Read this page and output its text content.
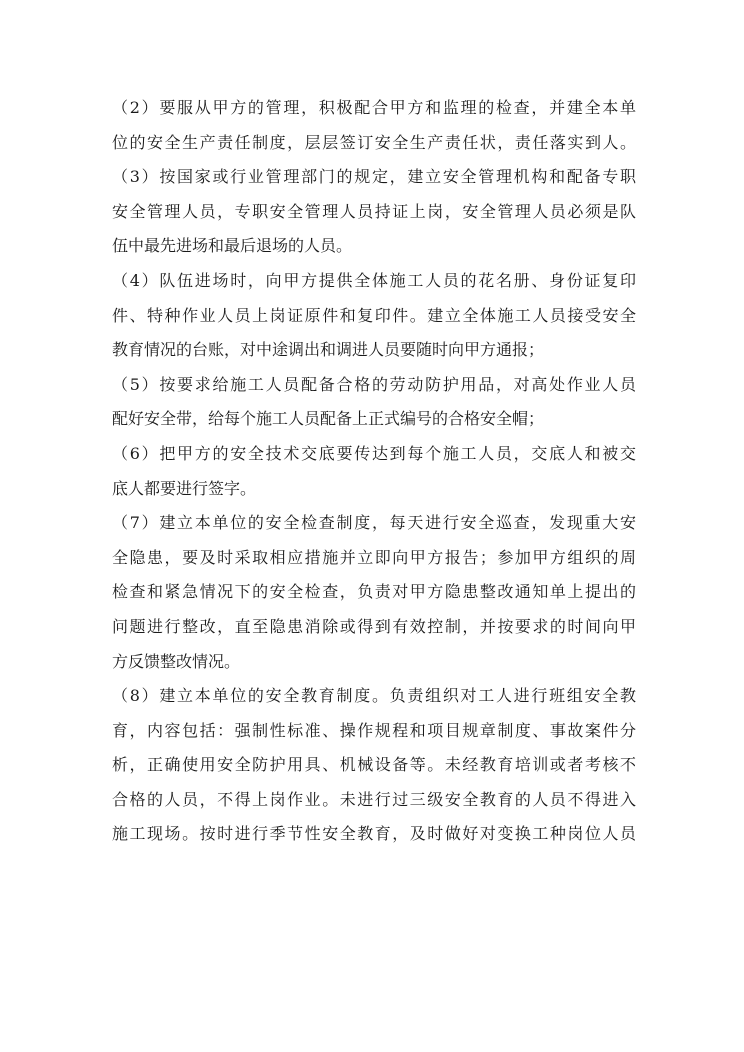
（2）要服从甲方的管理，积极配合甲方和监理的检查，并建全本单
位的安全生产责任制度，层层签订安全生产责任状，责任落实到人。
（3）按国家或行业管理部门的规定，建立安全管理机构和配备专职
安全管理人员，专职安全管理人员持证上岗，安全管理人员必须是队
伍中最先进场和最后退场的人员。
（4）队伍进场时，向甲方提供全体施工人员的花名册、身份证复印
件、特种作业人员上岗证原件和复印件。建立全体施工人员接受安全
教育情况的台账，对中途调出和调进人员要随时向甲方通报；
（5）按要求给施工人员配备合格的劳动防护用品，对高处作业人员
配好安全带，给每个施工人员配备上正式编号的合格安全帽；
（6）把甲方的安全技术交底要传达到每个施工人员，交底人和被交
底人都要进行签字。
（7）建立本单位的安全检查制度，每天进行安全巡查，发现重大安
全隐患，要及时采取相应措施并立即向甲方报告；参加甲方组织的周
检查和紧急情况下的安全检查，负责对甲方隐患整改通知单上提出的
问题进行整改，直至隐患消除或得到有效控制，并按要求的时间向甲
方反馈整改情况。
（8）建立本单位的安全教育制度。负责组织对工人进行班组安全教
育，内容包括：强制性标准、操作规程和项目规章制度、事故案件分
析，正确使用安全防护用具、机械设备等。未经教育培训或者考核不
合格的人员，不得上岗作业。未进行过三级安全教育的人员不得进入
施工现场。按时进行季节性安全教育，及时做好对变换工种岗位人员
